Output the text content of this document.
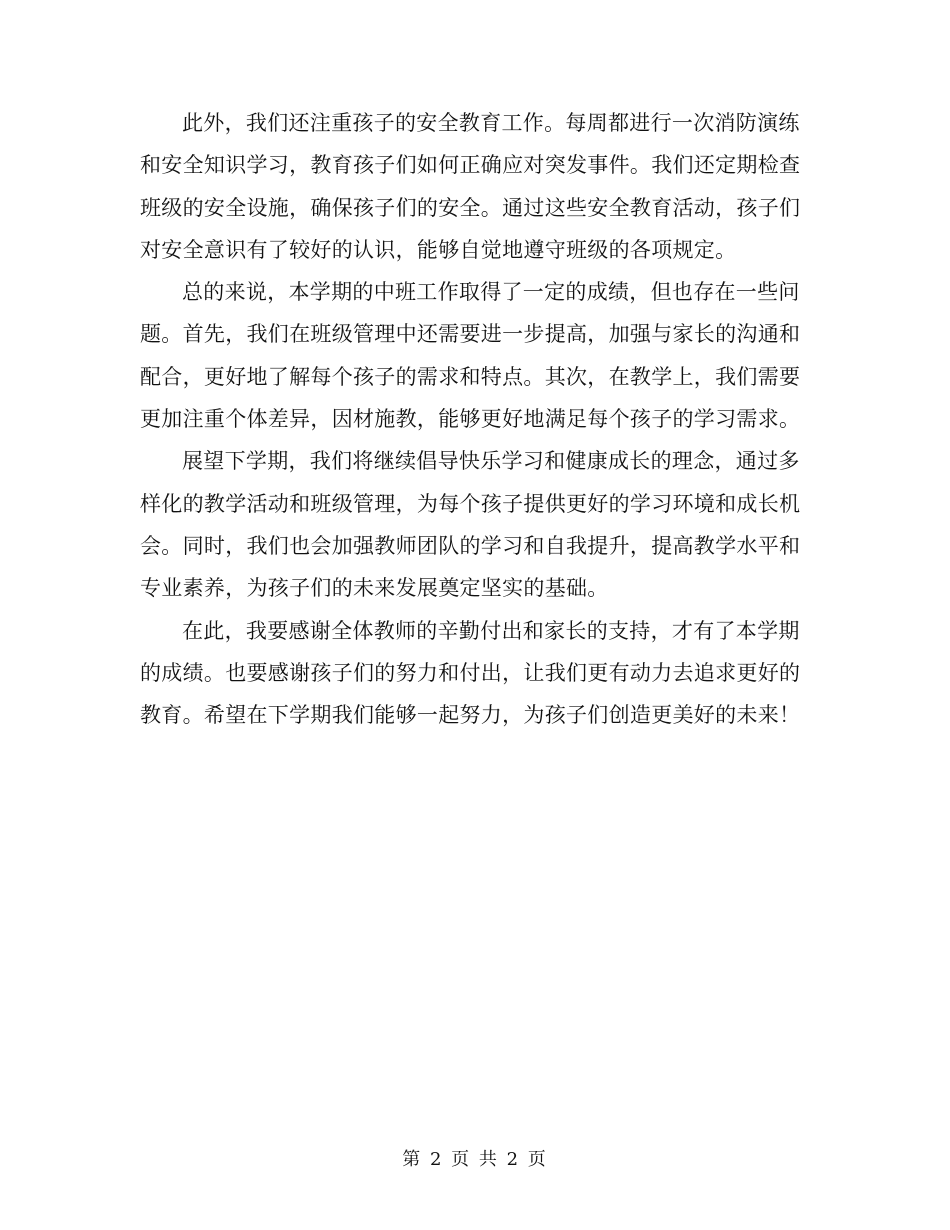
此外，我们还注重孩子的安全教育工作。每周都进行一次消防演练和安全知识学习，教育孩子们如何正确应对突发事件。我们还定期检查班级的安全设施，确保孩子们的安全。通过这些安全教育活动，孩子们对安全意识有了较好的认识，能够自觉地遵守班级的各项规定。

总的来说，本学期的中班工作取得了一定的成绩，但也存在一些问题。首先，我们在班级管理中还需要进一步提高，加强与家长的沟通和配合，更好地了解每个孩子的需求和特点。其次，在教学上，我们需要更加注重个体差异，因材施教，能够更好地满足每个孩子的学习需求。

展望下学期，我们将继续倡导快乐学习和健康成长的理念，通过多样化的教学活动和班级管理，为每个孩子提供更好的学习环境和成长机会。同时，我们也会加强教师团队的学习和自我提升，提高教学水平和专业素养，为孩子们的未来发展奠定坚实的基础。

在此，我要感谢全体教师的辛勤付出和家长的支持，才有了本学期的成绩。也要感谢孩子们的努力和付出，让我们更有动力去追求更好的教育。希望在下学期我们能够一起努力，为孩子们创造更美好的未来！

第 2 页 共 2 页
